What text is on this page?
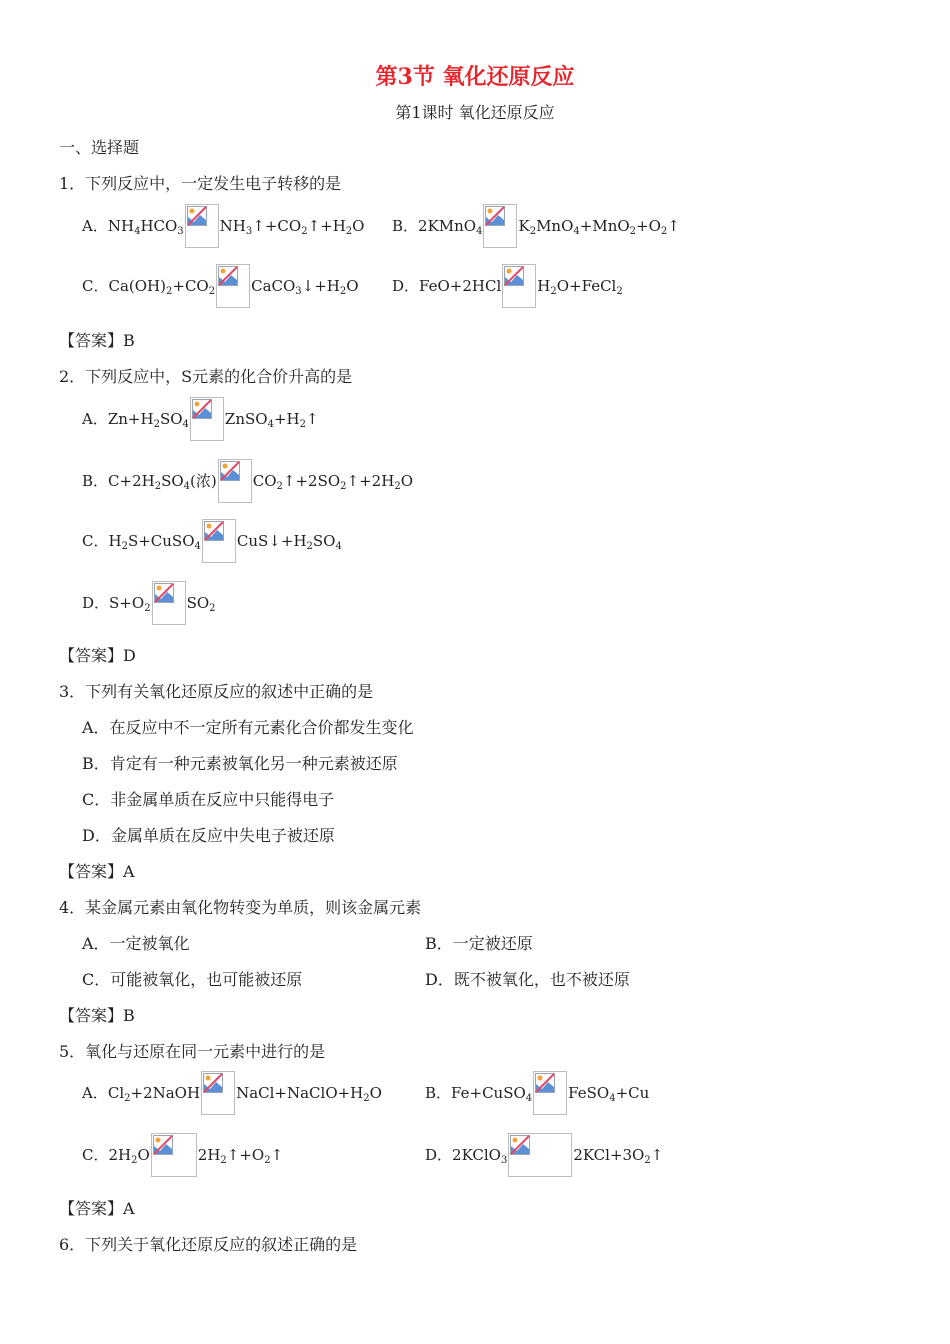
第3节 氧化还原反应
第1课时 氧化还原反应
一、选择题
1．下列反应中，一定发生电子转移的是
A． $NH_4HCO_3$ $NH_3↑+CO_2↑+H_2O$ B． 2KMnO$_4$ $K_2MnO_4+MnO_2+O_2↑$
C． $Ca(OH)_2+CO_2$ $CaCO_3↓+H_2O$ D． FeO+2HCl $H_2O+FeCl_2$
【答案】B
2．下列反应中，S元素的化合价升高的是
A． $Zn+H_2SO_4$ $ZnSO_4+H_2↑$
B． $C+2H_2SO_4$(浓) $CO_2↑+2SO_2↑+2H_2O$
C． $H_2S+CuSO_4$ $CuS↓+H_2SO_4$
D． $S+O_2$ $SO_2$
【答案】D
3．下列有关氧化还原反应的叙述中正确的是
A．在反应中不一定所有元素化合价都发生变化
B．肯定有一种元素被氧化另一种元素被还原
C．非金属单质在反应中只能得电子
D．金属单质在反应中失电子被还原
【答案】A
4．某金属元素由氧化物转变为单质，则该金属元素
A．一定被氧化	B．一定被还原
C．可能被氧化，也可能被还原	D．既不被氧化，也不被还原
【答案】B
5．氧化与还原在同一元素中进行的是
A． $Cl_2+2NaOH$ $NaCl+NaClO+H_2O$	B． Fe+CuSO$_4$ FeSO$_4$+Cu
C． $2H_2O$	$2H_2↑+O_2↑$	D． 2KClO$_3$	$2KCl+3O_2↑$
【答案】A
6．下列关于氧化还原反应的叙述正确的是
